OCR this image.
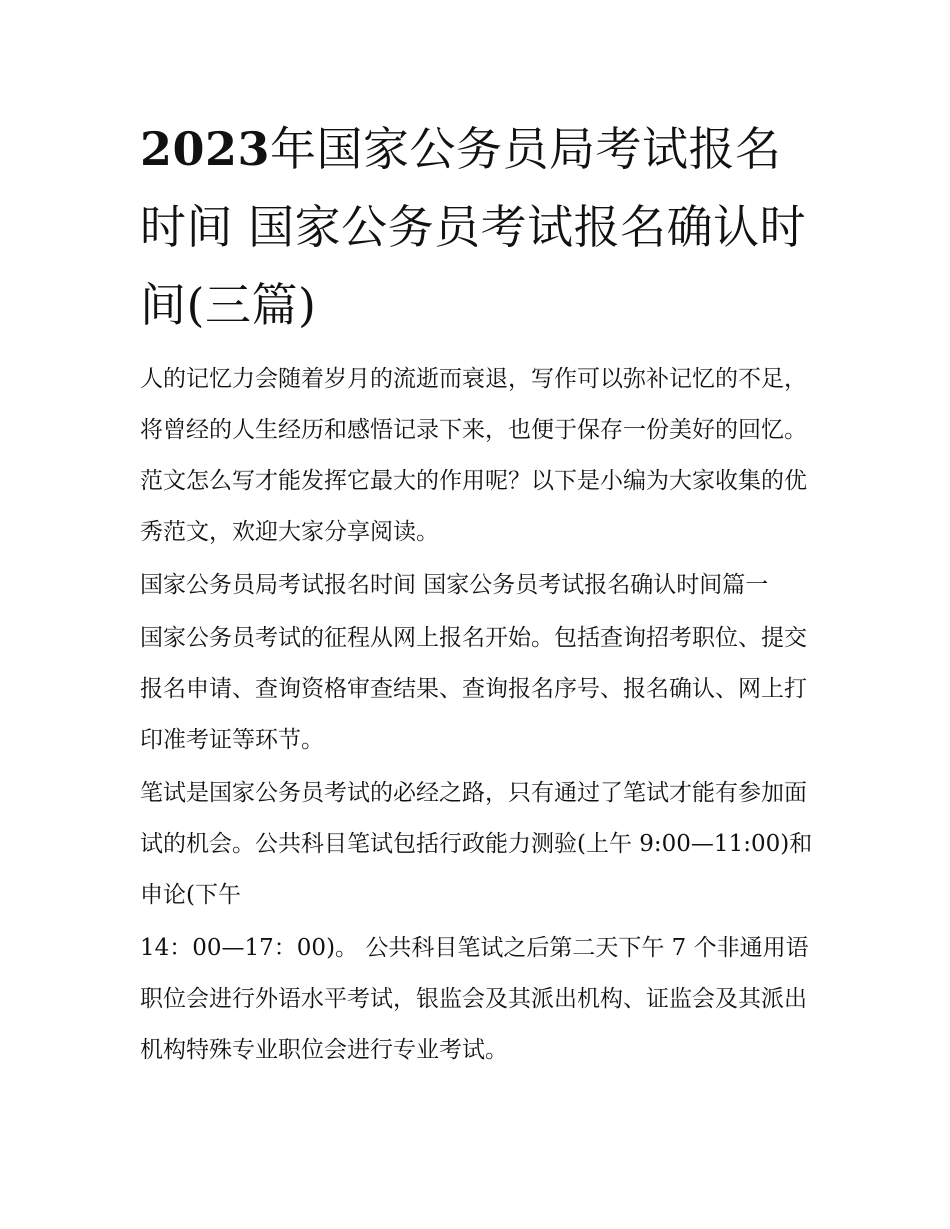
2023年国家公务员局考试报名时间 国家公务员考试报名确认时间(三篇)

人的记忆力会随着岁月的流逝而衰退，写作可以弥补记忆的不足，将曾经的人生经历和感悟记录下来，也便于保存一份美好的回忆。范文怎么写才能发挥它最大的作用呢？以下是小编为大家收集的优秀范文，欢迎大家分享阅读。

国家公务员局考试报名时间 国家公务员考试报名确认时间篇一

国家公务员考试的征程从网上报名开始。包括查询招考职位、提交报名申请、查询资格审查结果、查询报名序号、报名确认、网上打印准考证等环节。

笔试是国家公务员考试的必经之路，只有通过了笔试才能有参加面试的机会。公共科目笔试包括行政能力测验(上午 9:00—11:00)和申论(下午

14：00—17：00)。 公共科目笔试之后第二天下午 7 个非通用语职位会进行外语水平考试，银监会及其派出机构、证监会及其派出机构特殊专业职位会进行专业考试。
